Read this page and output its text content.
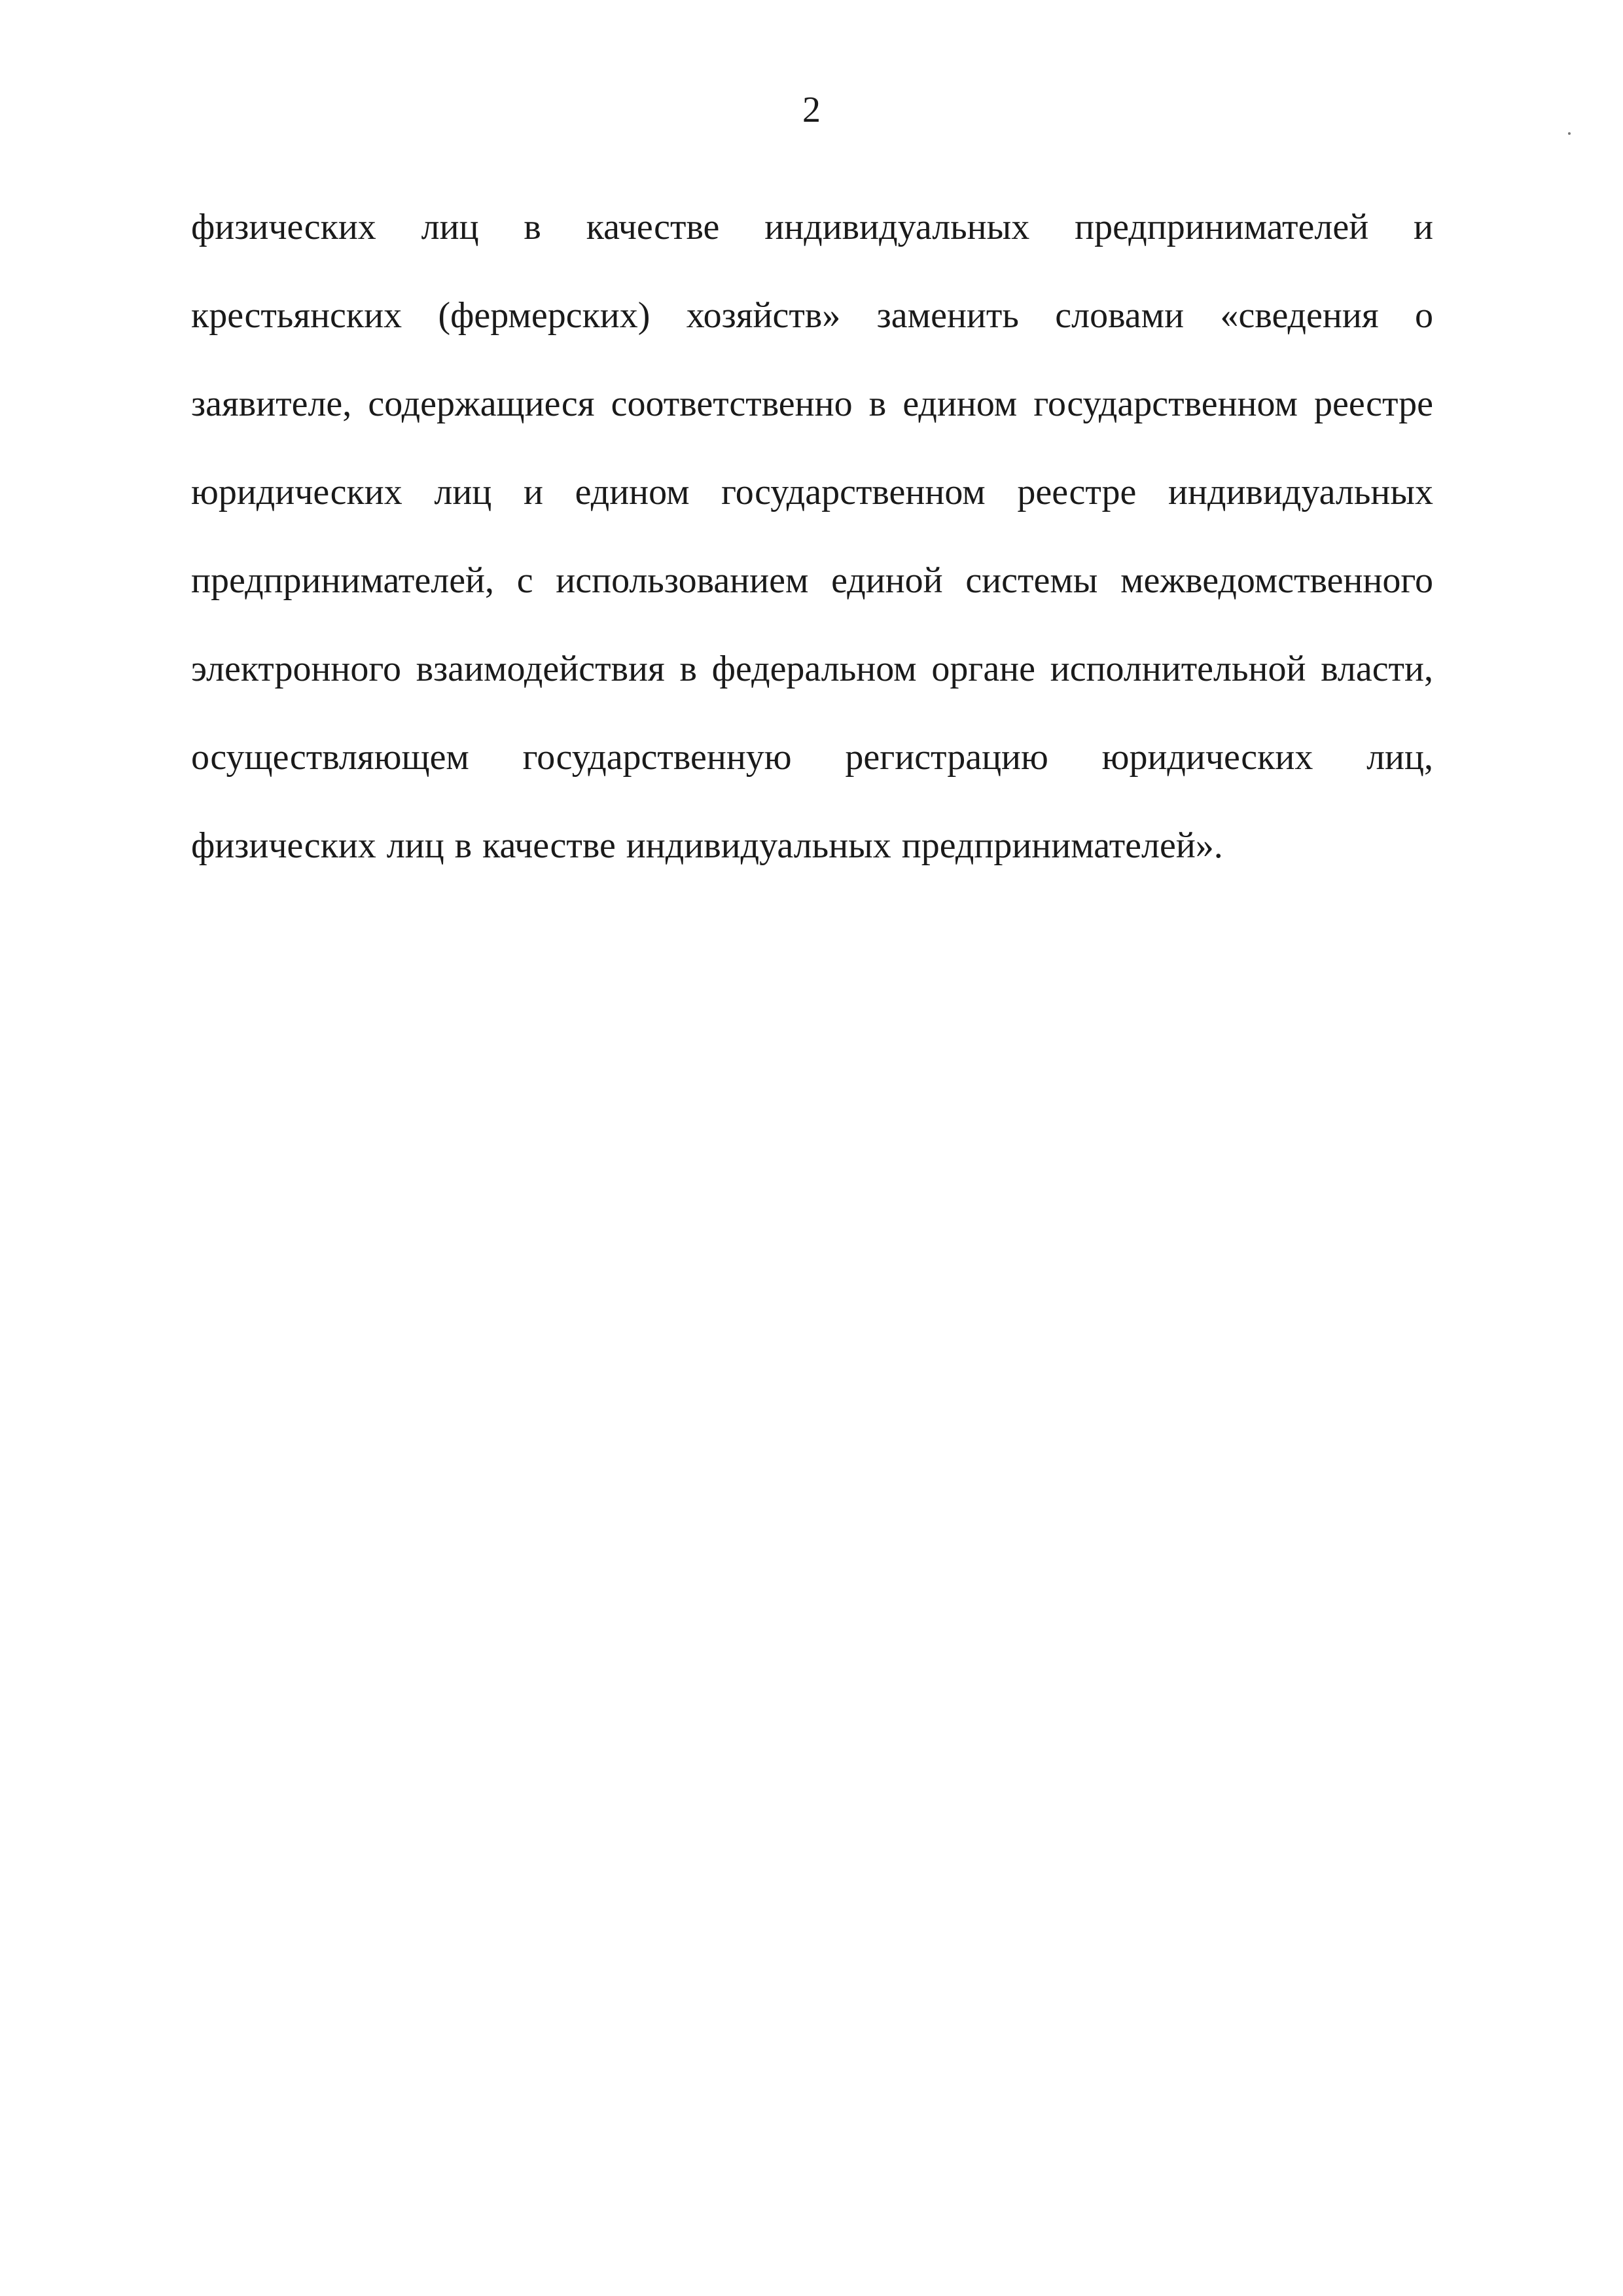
2

физических лиц в качестве индивидуальных предпринимателей и крестьянских (фермерских) хозяйств» заменить словами «сведения о заявителе, содержащиеся соответственно в едином государственном реестре юридических лиц и едином государственном реестре индивидуальных предпринимателей, с использованием единой системы межведомственного электронного взаимодействия в федеральном органе исполнительной власти, осуществляющем государственную регистрацию юридических лиц, физических лиц в качестве индивидуальных предпринимателей».
